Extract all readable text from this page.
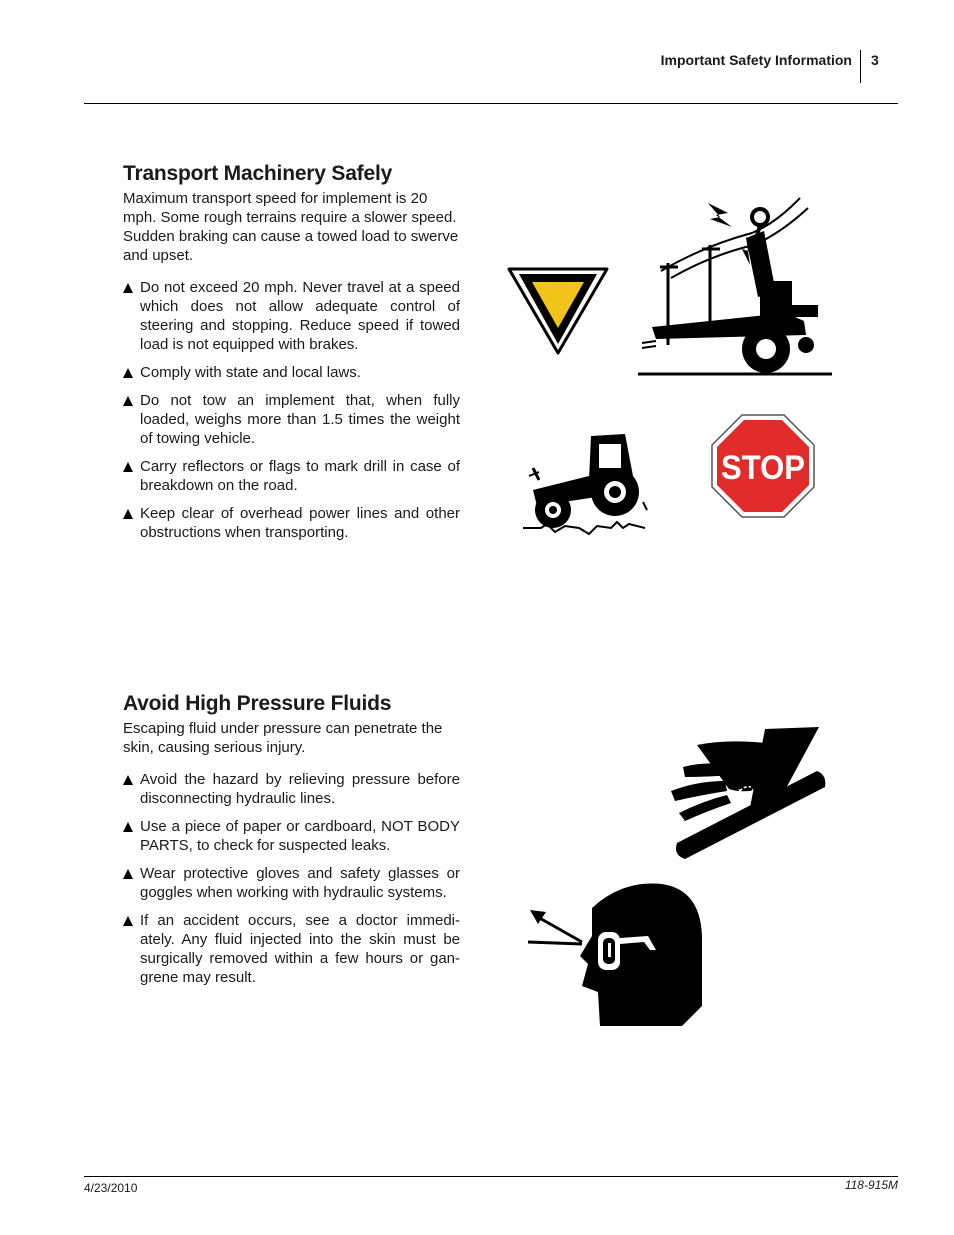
Important Safety Information 3
Transport Machinery Safely

Maximum transport speed for implement is 20 mph. Some rough terrains require a slower speed. Sudden braking can cause a towed load to swerve and upset.

Do not exceed 20 mph. Never travel at a speed which does not allow adequate control of steering and stopping. Reduce speed if towed load is not equipped with brakes.
Comply with state and local laws.
Do not tow an implement that, when fully loaded, weighs more than 1.5 times the weight of towing vehicle.
Carry reflectors or flags to mark drill in case of breakdown on the road.
Keep clear of overhead power lines and other obstructions when transporting.
Avoid High Pressure Fluids

Escaping fluid under pressure can penetrate the skin, causing serious injury.

Avoid the hazard by relieving pressure before disconnecting hydraulic lines.
Use a piece of paper or cardboard, NOT BODY PARTS, to check for suspected leaks.
Wear protective gloves and safety glasses or goggles when working with hydraulic systems.
If an accident occurs, see a doctor immedi-ately. Any fluid injected into the skin must be surgically removed within a few hours or gan-grene may result.
STOP
4/23/2010	118-915M
